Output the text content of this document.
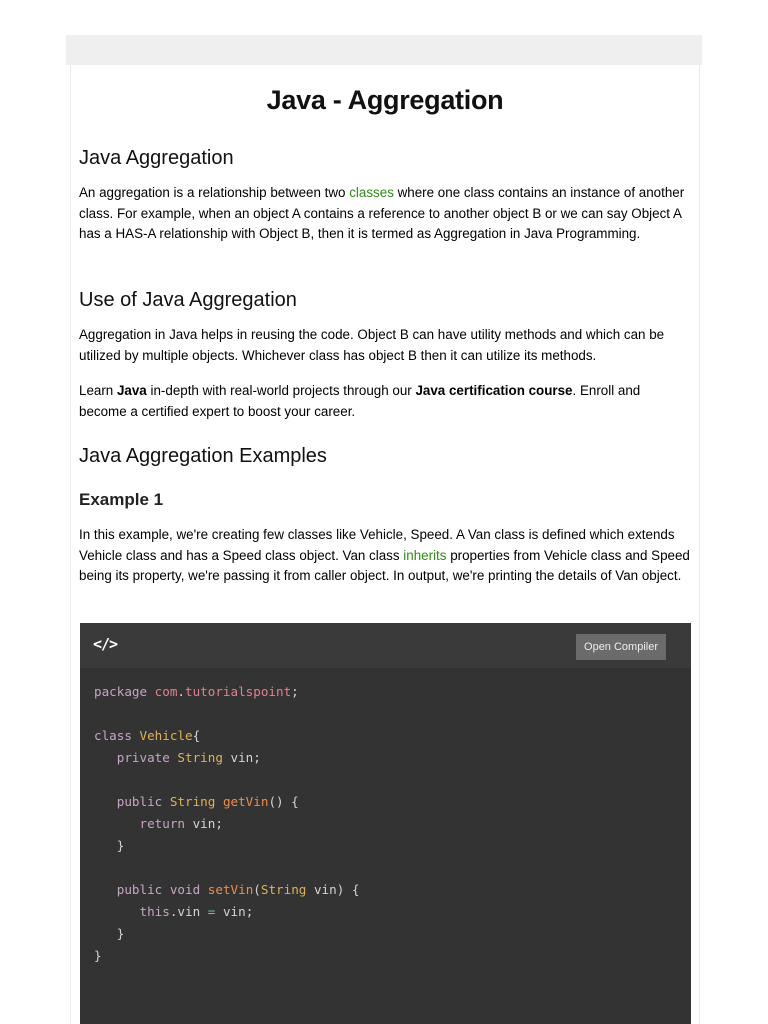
Java - Aggregation
Java Aggregation

An aggregation is a relationship between two classes where one class contains an instance of another class. For example, when an object A contains a reference to another object B or we can say Object A has a HAS-A relationship with Object B, then it is termed as Aggregation in Java Programming.

Use of Java Aggregation

Aggregation in Java helps in reusing the code. Object B can have utility methods and which can be utilized by multiple objects. Whichever class has object B then it can utilize its methods.

Learn Java in-depth with real-world projects through our Java certification course. Enroll and become a certified expert to boost your career.

Java Aggregation Examples
Example 1

In this example, we're creating few classes like Vehicle, Speed. A Van class is defined which extends Vehicle class and has a Speed class object. Van class inherits properties from Vehicle class and Speed being its property, we're passing it from caller object. In output, we're printing the details of Van object.

</>	Open Compiler
package com.tutorialspoint;

class Vehicle{
private String vin;

public String getVin() {
return vin;
}

public void setVin(String vin) {
this.vin = vin;
}
}
